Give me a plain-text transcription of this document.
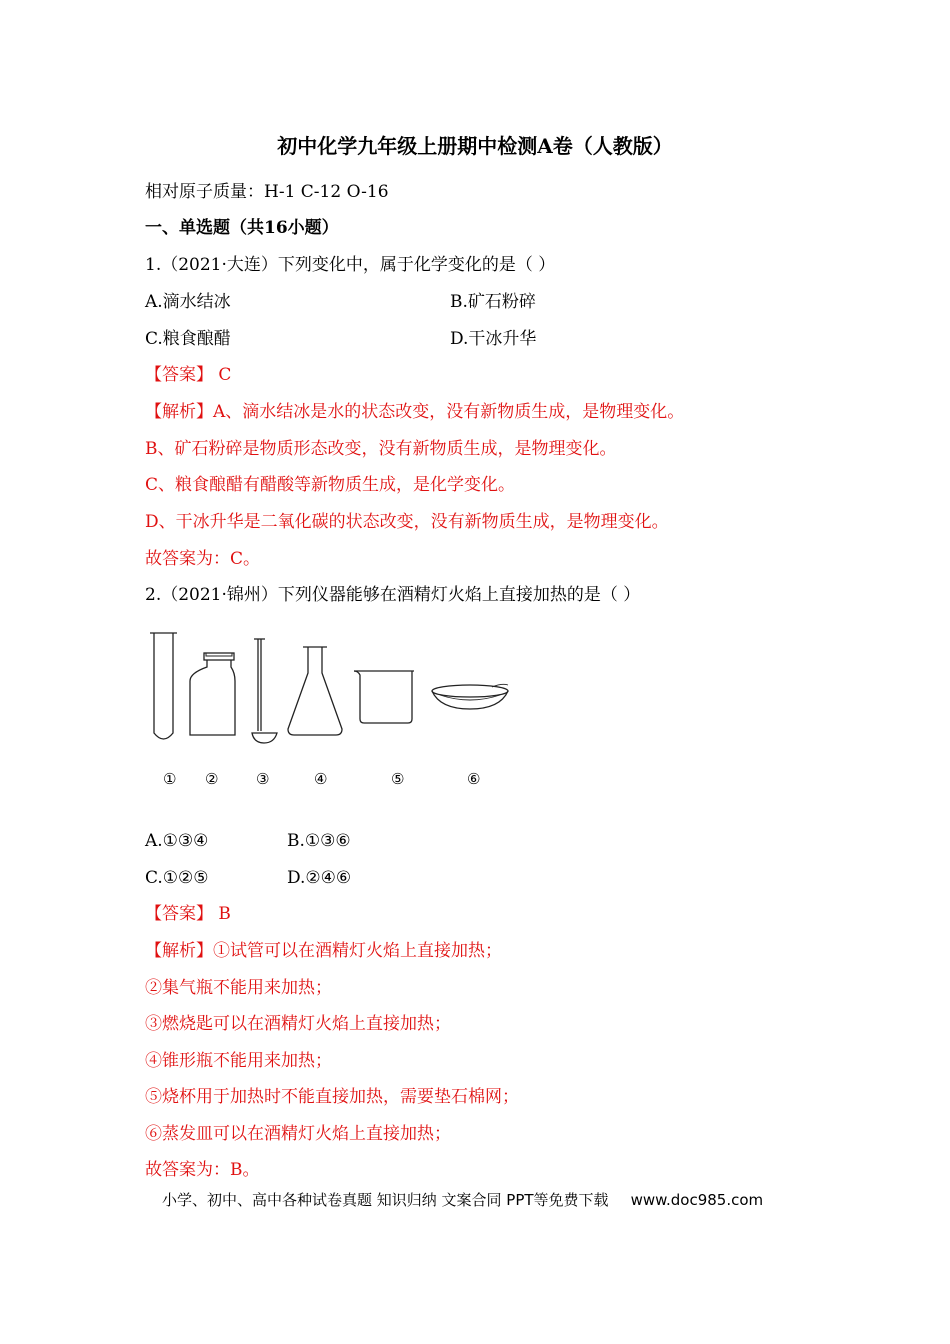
初中化学九年级上册期中检测A卷（人教版）
相对原子质量：H-1 C-12 O-16
一、单选题（共16小题）
1.（2021·大连）下列变化中，属于化学变化的是（ ）
A.滴水结冰	B.矿石粉碎
C.粮食酿醋	D.干冰升华
【答案】 C
【解析】A、滴水结冰是水的状态改变，没有新物质生成，是物理变化。
B、矿石粉碎是物质形态改变，没有新物质生成，是物理变化。
C、粮食酿醋有醋酸等新物质生成，是化学变化。
D、干冰升华是二氧化碳的状态改变，没有新物质生成，是物理变化。
故答案为：C。
2.（2021·锦州）下列仪器能够在酒精灯火焰上直接加热的是（ ）
① ②	③	④	⑤	⑥
A.①③④	B.①③⑥
C.①②⑤	D.②④⑥
【答案】 B
【解析】①试管可以在酒精灯火焰上直接加热；
②集气瓶不能用来加热；
③燃烧匙可以在酒精灯火焰上直接加热；
④锥形瓶不能用来加热；
⑤烧杯用于加热时不能直接加热，需要垫石棉网；
⑥蒸发皿可以在酒精灯火焰上直接加热；
故答案为：B。
小学、初中、高中各种试卷真题 知识归纳 文案合同 PPT等免费下载 www.doc985.com
